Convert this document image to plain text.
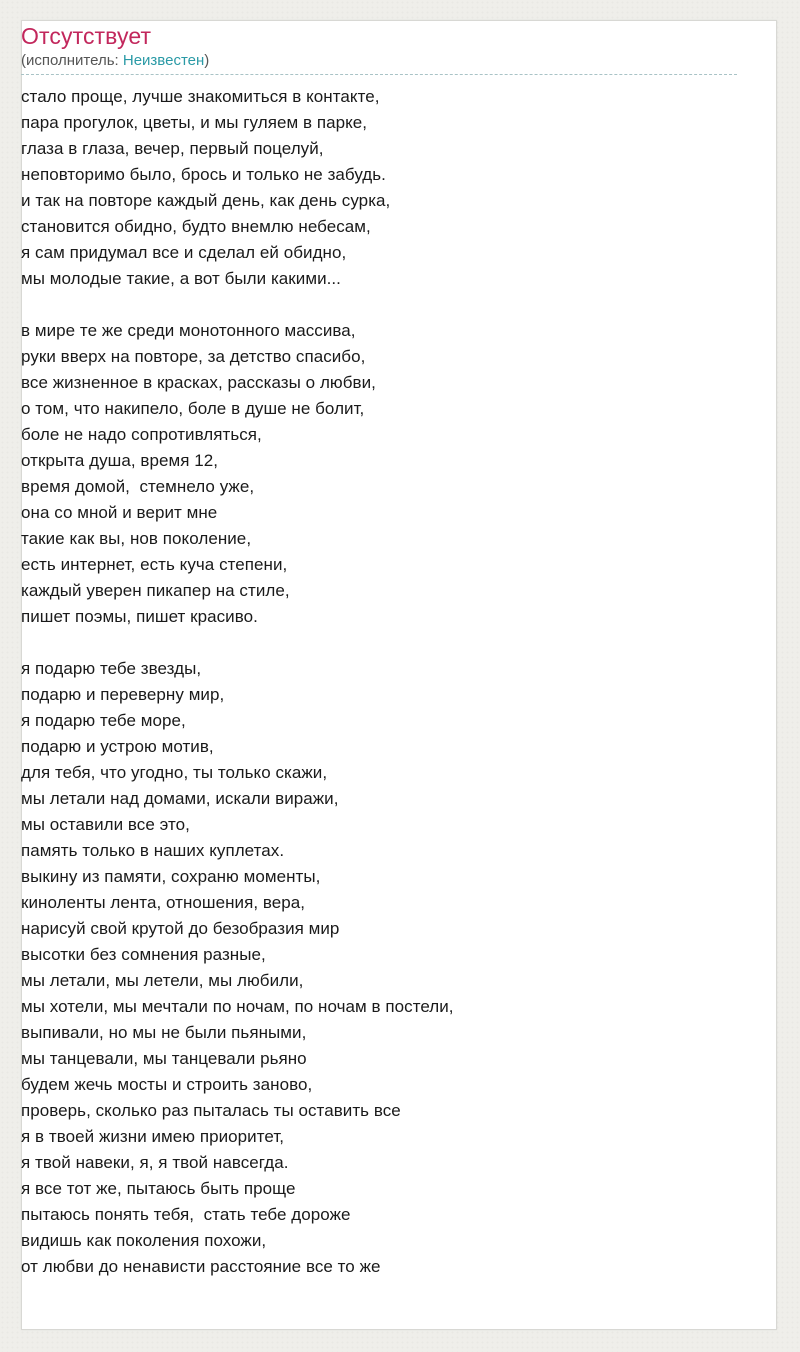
Отсутствует
(исполнитель: Неизвестен)
стало проще, лучше знакомиться в контакте,
пара прогулок, цветы, и мы гуляем в парке,
глаза в глаза, вечер, первый поцелуй,
неповторимо было, брось и только не забудь.
и так на повторе каждый день, как день сурка,
становится обидно, будто внемлю небесам,
я сам придумал все и сделал ей обидно,
мы молодые такие, а вот были какими...
в мире те же среди монотонного массива,
руки вверх на повторе, за детство спасибо,
все жизненное в красках, рассказы о любви,
о том, что накипело, боле в душе не болит,
боле не надо сопротивляться,
открыта душа, время 12,
время домой,  стемнело уже,
она со мной и верит мне
такие как вы, нов поколение,
есть интернет, есть куча степени,
каждый уверен пикапер на стиле,
пишет поэмы, пишет красиво.
я подарю тебе звезды,
подарю и переверну мир,
я подарю тебе море,
подарю и устрою мотив,
для тебя, что угодно, ты только скажи,
мы летали над домами, искали виражи,
мы оставили все это,
память только в наших куплетах.
выкину из памяти, сохраню моменты,
киноленты лента, отношения, вера,
нарисуй свой крутой до безобразия мир
высотки без сомнения разные,
мы летали, мы летели, мы любили,
мы хотели, мы мечтали по ночам, по ночам в постели,
выпивали, но мы не были пьяными,
мы танцевали, мы танцевали рьяно
будем жечь мосты и строить заново,
проверь, сколько раз пыталась ты оставить все
я в твоей жизни имею приоритет,
я твой навеки, я, я твой навсегда.
я все тот же, пытаюсь быть проще
пытаюсь понять тебя,  стать тебе дороже
видишь как поколения похожи,
от любви до ненависти расстояние все то же
